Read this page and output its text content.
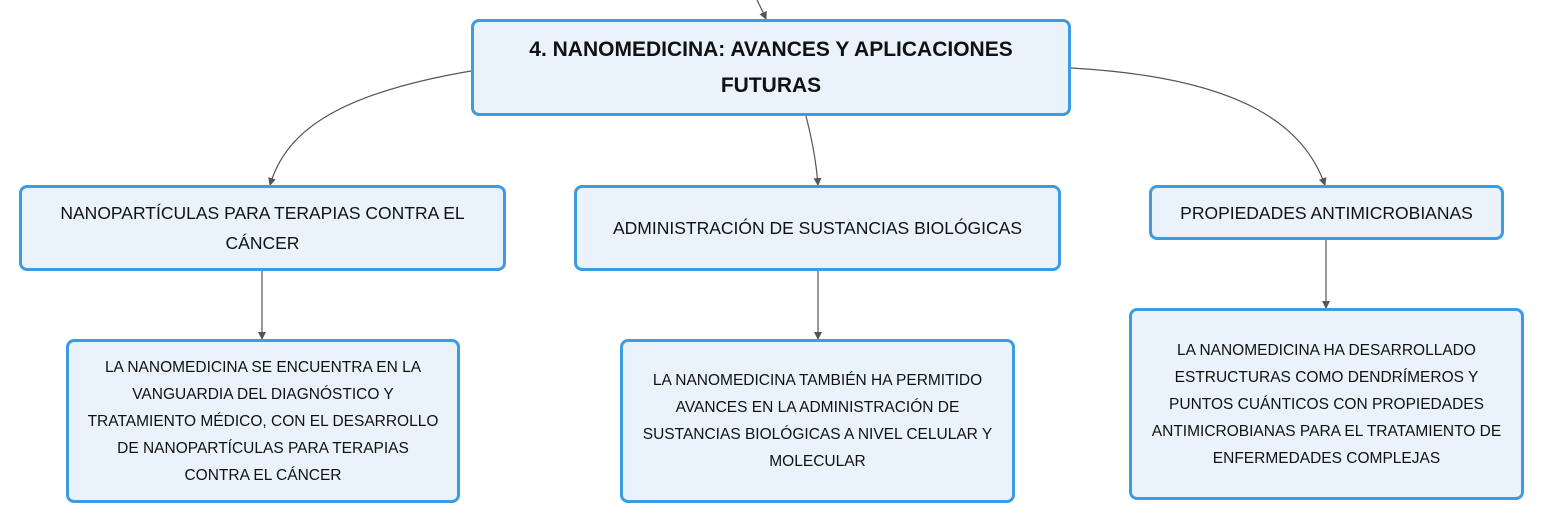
4. NANOMEDICINA: AVANCES Y APLICACIONES FUTURAS
NANOPARTÍCULAS PARA TERAPIAS CONTRA EL CÁNCER
ADMINISTRACIÓN DE SUSTANCIAS BIOLÓGICAS
PROPIEDADES ANTIMICROBIANAS
LA NANOMEDICINA SE ENCUENTRA EN LA VANGUARDIA DEL DIAGNÓSTICO Y TRATAMIENTO MÉDICO, CON EL DESARROLLO DE NANOPARTÍCULAS PARA TERAPIAS CONTRA EL CÁNCER
LA NANOMEDICINA TAMBIÉN HA PERMITIDO AVANCES EN LA ADMINISTRACIÓN DE SUSTANCIAS BIOLÓGICAS A NIVEL CELULAR Y MOLECULAR
LA NANOMEDICINA HA DESARROLLADO ESTRUCTURAS COMO DENDRÍMEROS Y PUNTOS CUÁNTICOS CON PROPIEDADES ANTIMICROBIANAS PARA EL TRATAMIENTO DE ENFERMEDADES COMPLEJAS
